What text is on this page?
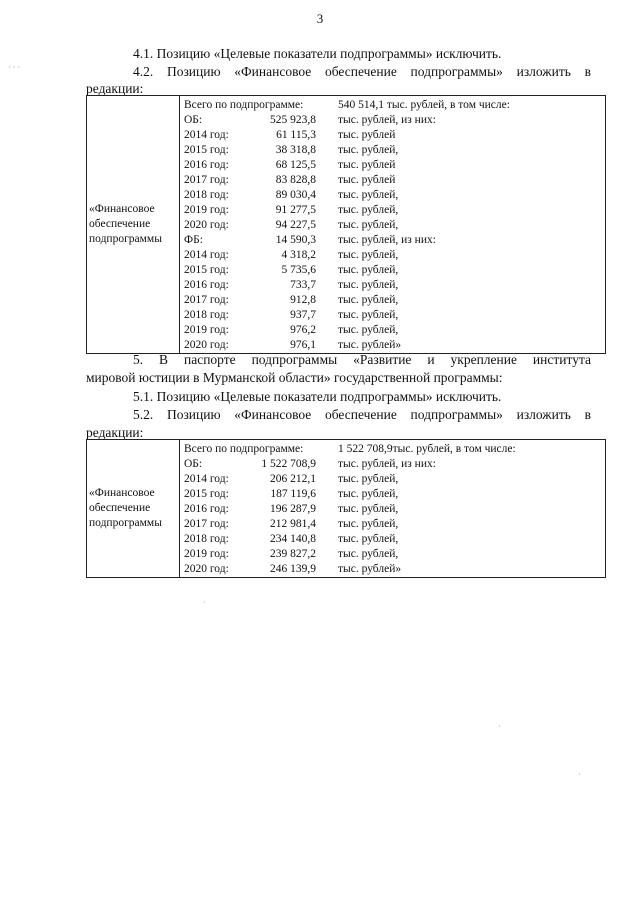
3
· · ·
4.1. Позицию «Целевые показатели подпрограммы» исключить.
4.2. Позицию «Финансовое обеспечение подпрограммы» изложить в
редакции:
«Финансовое обеспечение подпрограммы	
Всего по подпрограмме:	540 514,1 тыс. рублей, в том числе:
ОБ:	525 923,8	тыс. рублей, из них:
2014 год:	61 115,3	тыс. рублей
2015 год:	38 318,8	тыс. рублей,
2016 год:	68 125,5	тыс. рублей
2017 год:	83 828,8	тыс. рублей
2018 год:	89 030,4	тыс. рублей,
2019 год:	91 277,5	тыс. рублей,
2020 год:	94 227,5	тыс. рублей,
ФБ:	14 590,3	тыс. рублей, из них:
2014 год:	4 318,2	тыс. рублей,
2015 год:	5 735,6	тыс. рублей,
2016 год:	733,7	тыс. рублей,
2017 год:	912,8	тыс. рублей,
2018 год:	937,7	тыс. рублей,
2019 год:	976,2	тыс. рублей,
2020 год:	976,1	тыс. рублей»
5. В паспорте подпрограммы «Развитие и укрепление института
мировой юстиции в Мурманской области» государственной программы:
5.1. Позицию «Целевые показатели подпрограммы» исключить.
5.2. Позицию «Финансовое обеспечение подпрограммы» изложить в
редакции:
«Финансовое обеспечение подпрограммы	
Всего по подпрограмме:	1 522 708,9тыс. рублей, в том числе:
ОБ:	1 522 708,9	тыс. рублей, из них:
2014 год:	206 212,1	тыс. рублей,
2015 год:	187 119,6	тыс. рублей,
2016 год:	196 287,9	тыс. рублей,
2017 год:	212 981,4	тыс. рублей,
2018 год:	234 140,8	тыс. рублей,
2019 год:	239 827,2	тыс. рублей,
2020 год:	246 139,9	тыс. рублей»
·
·
·
